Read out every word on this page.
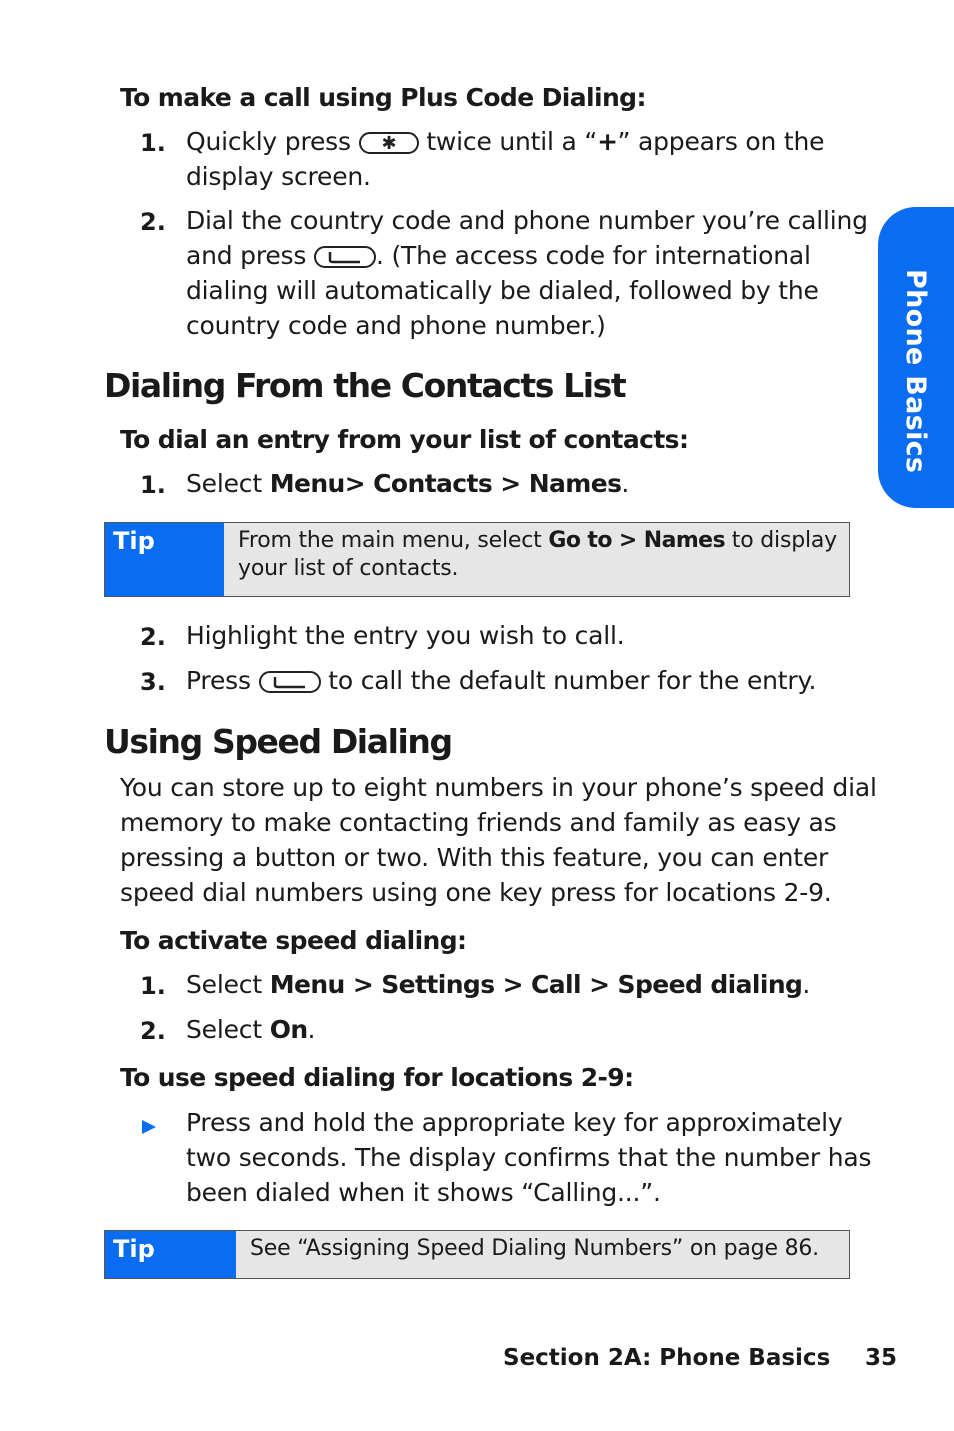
Phone Basics
To make a call using Plus Code Dialing:
1. Quickly press ✱ twice until a “+” appears on the
display screen.
2. Dial the country code and phone number you’re calling
and press	. (The access code for international
dialing will automatically be dialed, followed by the
country code and phone number.)
Dialing From the Contacts List
To dial an entry from your list of contacts:
1. Select Menu> Contacts > Names.
Tip	From the main menu, select Go to > Names to display
your list of contacts.
2. Highlight the entry you wish to call.
3. Press	to call the default number for the entry.
Using Speed Dialing
You can store up to eight numbers in your phone’s speed dial
memory to make contacting friends and family as easy as
pressing a button or two. With this feature, you can enter
speed dial numbers using one key press for locations 2-9.
To activate speed dialing:
1. Select Menu > Settings > Call > Speed dialing.
2. Select On.
To use speed dialing for locations 2-9:
Press and hold the appropriate key for approximately
two seconds. The display confirms that the number has
been dialed when it shows “Calling...”.
Tip	See “Assigning Speed Dialing Numbers” on page 86.
Section 2A: Phone Basics 35
